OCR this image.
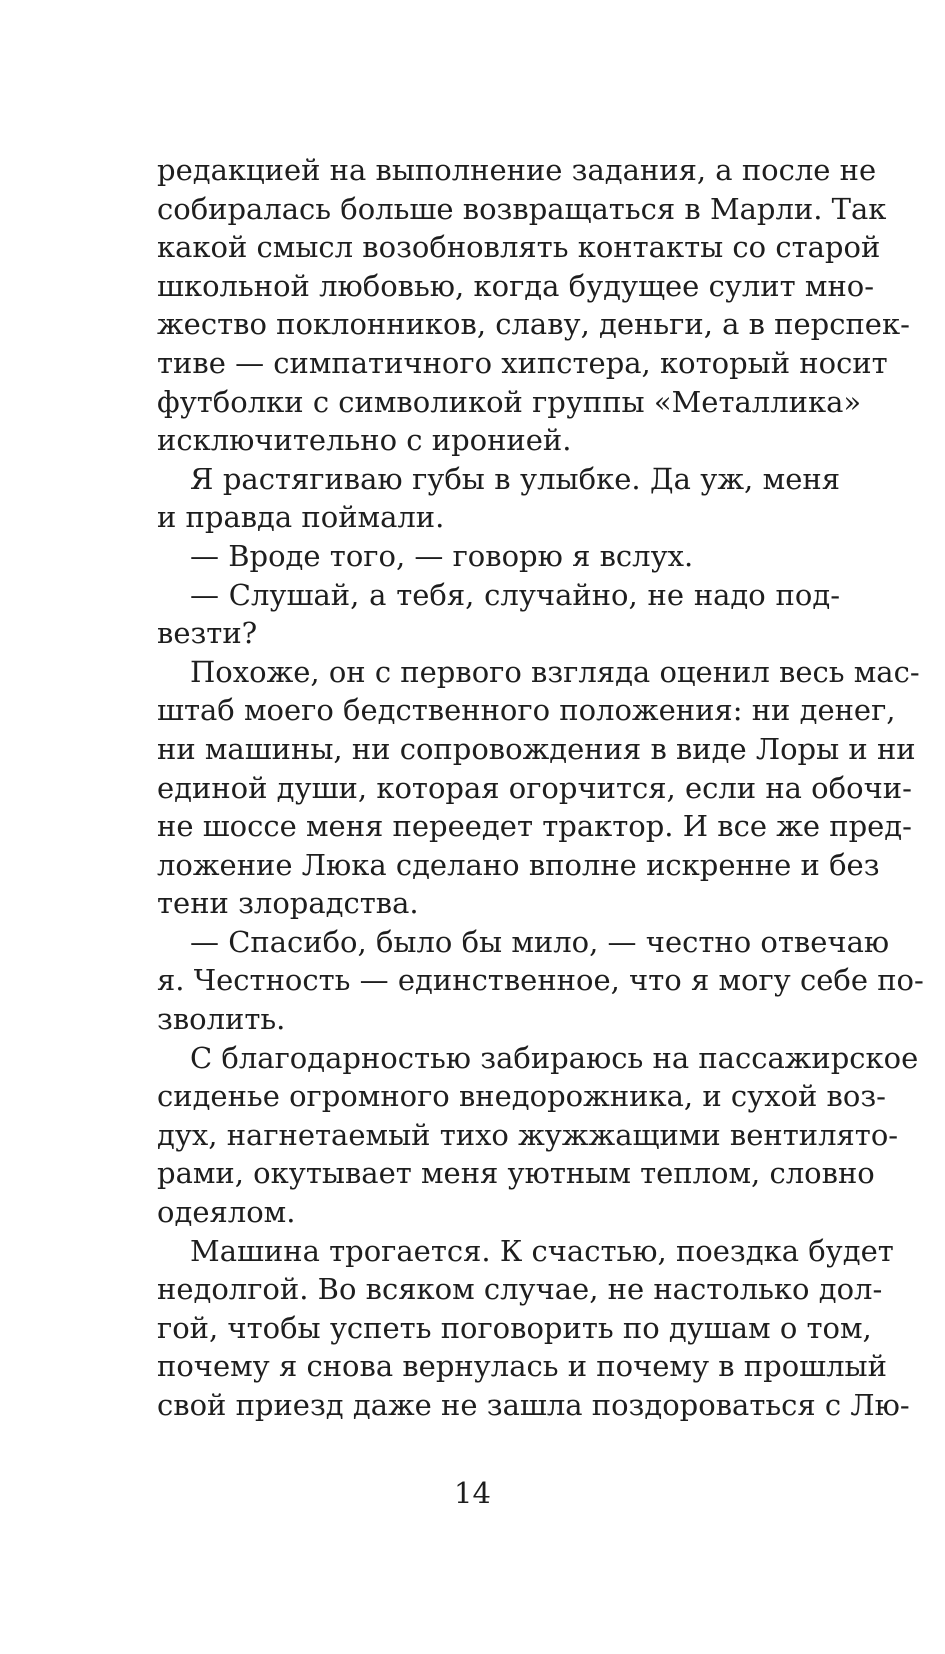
редакцией на выполнение задания, а после не
собиралась больше возвращаться в Марли. Так
какой смысл возобновлять контакты со старой
школьной любовью, когда будущее сулит мно-
жество поклонников, славу, деньги, а в перспек-
тиве — симпатичного хипстера, который носит
футболки с символикой группы «Металлика»
исключительно с иронией.
Я растягиваю губы в улыбке. Да уж, меня
и правда поймали.
— Вроде того, — говорю я вслух.
— Слушай, а тебя, случайно, не надо под-
везти?
Похоже, он с первого взгляда оценил весь мас-
штаб моего бедственного положения: ни денег,
ни машины, ни сопровождения в виде Лоры и ни
единой души, которая огорчится, если на обочи-
не шоссе меня переедет трактор. И все же пред-
ложение Люка сделано вполне искренне и без
тени злорадства.
— Спасибо, было бы мило, — честно отвечаю
я. Честность — единственное, что я могу себе по-
зволить.
С благодарностью забираюсь на пассажирское
сиденье огромного внедорожника, и сухой воз-
дух, нагнетаемый тихо жужжащими вентилято-
рами, окутывает меня уютным теплом, словно
одеялом.
Машина трогается. К счастью, поездка будет
недолгой. Во всяком случае, не настолько дол-
гой, чтобы успеть поговорить по душам о том,
почему я снова вернулась и почему в прошлый
свой приезд даже не зашла поздороваться с Лю-
14
